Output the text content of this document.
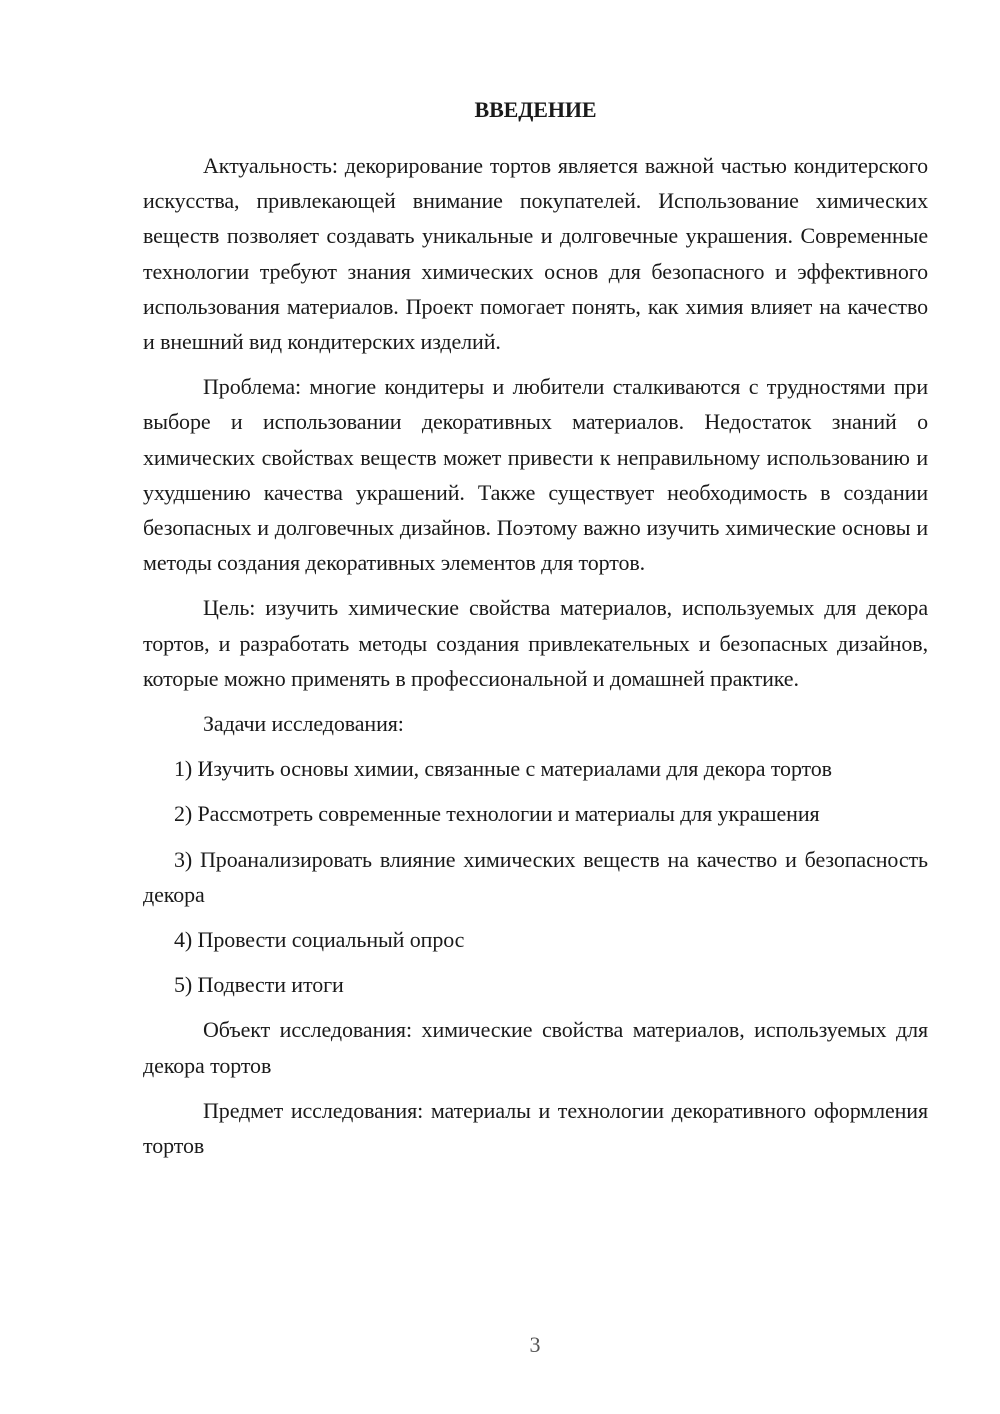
ВВЕДЕНИЕ
Актуальность: декорирование тортов является важной частью кондитерского искусства, привлекающей внимание покупателей. Использование химических веществ позволяет создавать уникальные и долговечные украшения. Современные технологии требуют знания химических основ для безопасного и эффективного использования материалов. Проект помогает понять, как химия влияет на качество и внешний вид кондитерских изделий.
Проблема: многие кондитеры и любители сталкиваются с трудностями при выборе и использовании декоративных материалов. Недостаток знаний о химических свойствах веществ может привести к неправильному использованию и ухудшению качества украшений. Также существует необходимость в создании безопасных и долговечных дизайнов. Поэтому важно изучить химические основы и методы создания декоративных элементов для тортов.
Цель: изучить химические свойства материалов, используемых для декора тортов, и разработать методы создания привлекательных и безопасных дизайнов, которые можно применять в профессиональной и домашней практике.
Задачи исследования:
1) Изучить основы химии, связанные с материалами для декора тортов
2) Рассмотреть современные технологии и материалы для украшения
3) Проанализировать влияние химических веществ на качество и безопасность декора
4) Провести социальный опрос
5) Подвести итоги
Объект исследования: химические свойства материалов, используемых для декора тортов
Предмет исследования: материалы и технологии декоративного оформления тортов
3
